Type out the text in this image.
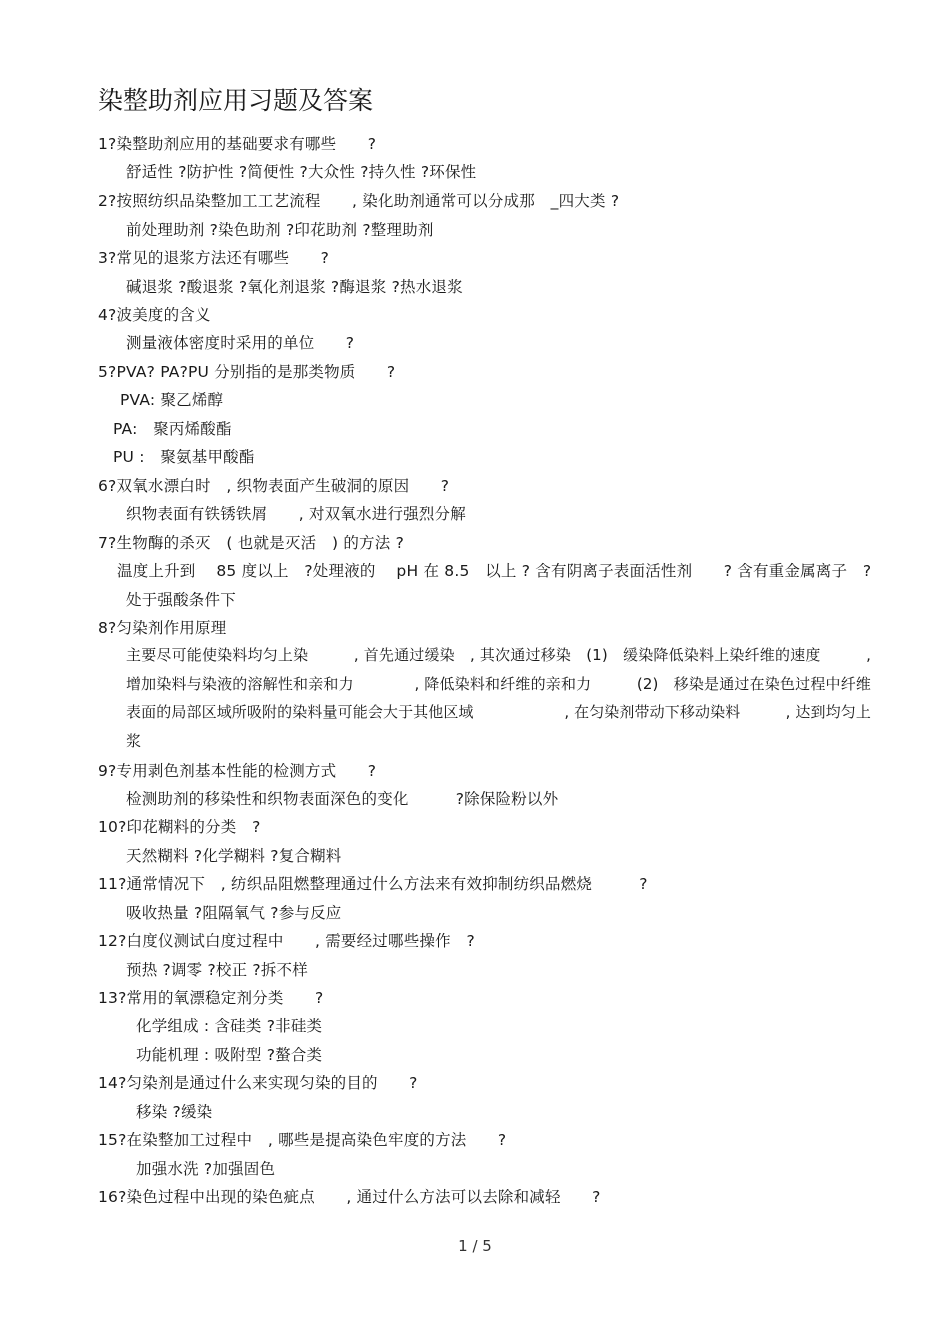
染整助剂应用习题及答案
1?染整助剂应用的基础要求有哪些　　?
舒适性 ?防护性 ?简便性 ?大众性 ?持久性 ?环保性
2?按照纺织品染整加工工艺流程　　, 染化助剂通常可以分成那　_四大类 ?
前处理助剂 ?染色助剂 ?印花助剂 ?整理助剂
3?常见的退浆方法还有哪些　　?
碱退浆 ?酸退浆 ?氧化剂退浆 ?酶退浆 ?热水退浆
4?波美度的含义
测量液体密度时采用的单位　　?
5?PVA? PA?PU 分别指的是那类物质　　?
PVA: 聚乙烯醇
PA:　聚丙烯酸酯
PU :　聚氨基甲酸酯
6?双氧水漂白时　, 织物表面产生破洞的原因　　?
织物表面有铁锈铁屑　　, 对双氧水进行强烈分解
7?生物酶的杀灭　( 也就是灭活　) 的方法 ?
温度上升到　 85 度以上　?处理液的　 pH 在 8.5　以上 ? 含有阴离子表面活性剂　　? 含有重金属离子　?
处于强酸条件下
8?匀染剂作用原理
主要尽可能使染料均匀上染　　　, 首先通过缓染　, 其次通过移染　(1)　缓染降低染料上染纤维的速度　　　, 增加染料与染液的溶解性和亲和力　　　　, 降低染料和纤维的亲和力　　　(2)　移染是通过在染色过程中纤维表面的局部区域所吸附的染料量可能会大于其他区域　　　　　　, 在匀染剂带动下移动染料　　　, 达到均匀上浆
9?专用剥色剂基本性能的检测方式　　?
检测助剂的移染性和织物表面深色的变化　　　?除保险粉以外
10?印花糊料的分类　?
天然糊料 ?化学糊料 ?复合糊料
11?通常情况下　, 纺织品阻燃整理通过什么方法来有效抑制纺织品燃烧　　　?
吸收热量 ?阻隔氧气 ?参与反应
12?白度仪测试白度过程中　　, 需要经过哪些操作　?
预热 ?调零 ?校正 ?拆不样
13?常用的氧漂稳定剂分类　　?
化学组成 : 含硅类 ?非硅类
功能机理 : 吸附型 ?螯合类
14?匀染剂是通过什么来实现匀染的目的　　?
移染 ?缓染
15?在染整加工过程中　, 哪些是提高染色牢度的方法　　?
加强水洗 ?加强固色
16?染色过程中出现的染色疵点　　, 通过什么方法可以去除和减轻　　?
1 / 5
